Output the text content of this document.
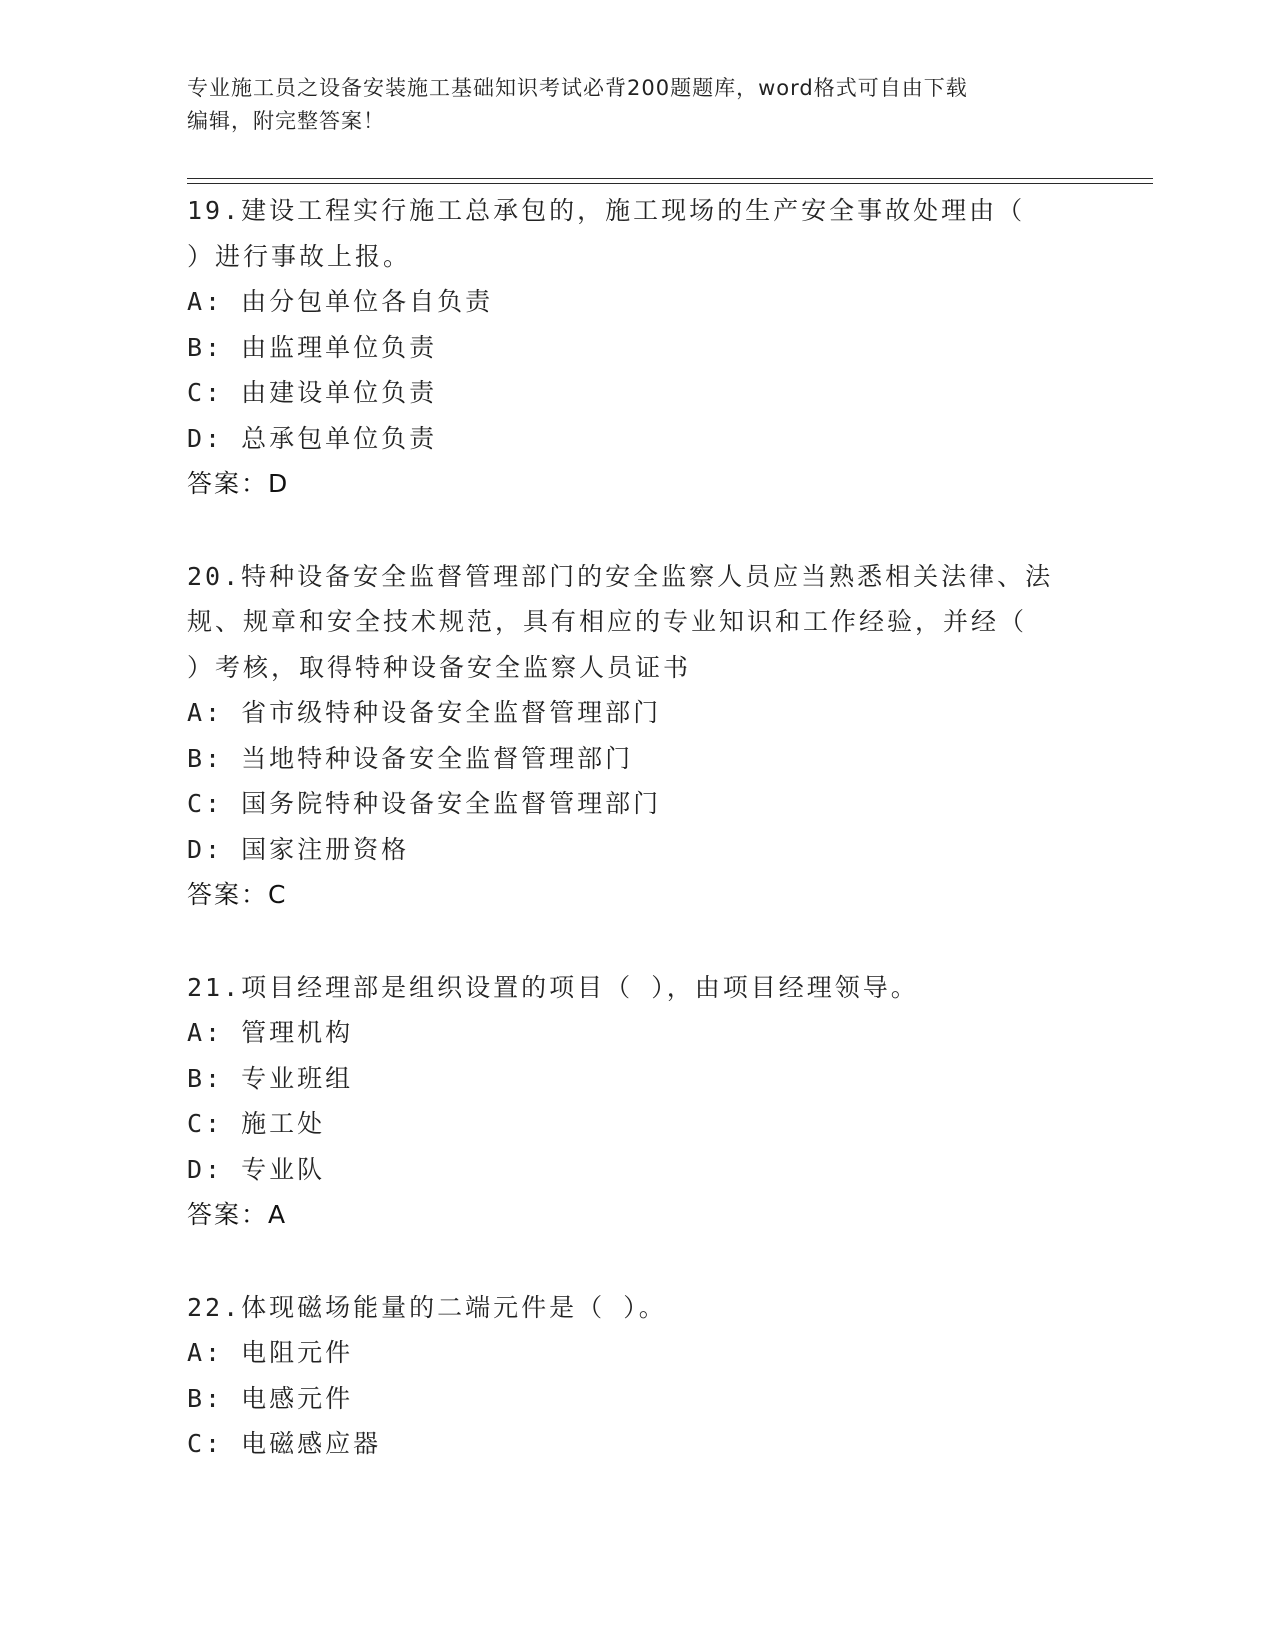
专业施工员之设备安装施工基础知识考试必背200题题库，word格式可自由下载
编辑，附完整答案！
19.建设工程实行施工总承包的，施工现场的生产安全事故处理由（
）进行事故上报。
A: 由分包单位各自负责
B: 由监理单位负责
C: 由建设单位负责
D: 总承包单位负责
答案：D
20.特种设备安全监督管理部门的安全监察人员应当熟悉相关法律、法
规、规章和安全技术规范，具有相应的专业知识和工作经验，并经（
）考核，取得特种设备安全监察人员证书
A: 省市级特种设备安全监督管理部门
B: 当地特种设备安全监督管理部门
C: 国务院特种设备安全监督管理部门
D: 国家注册资格
答案：C
21.项目经理部是组织设置的项目（ ），由项目经理领导。
A: 管理机构
B: 专业班组
C: 施工处
D: 专业队
答案：A
22.体现磁场能量的二端元件是（ ）。
A: 电阻元件
B: 电感元件
C: 电磁感应器
